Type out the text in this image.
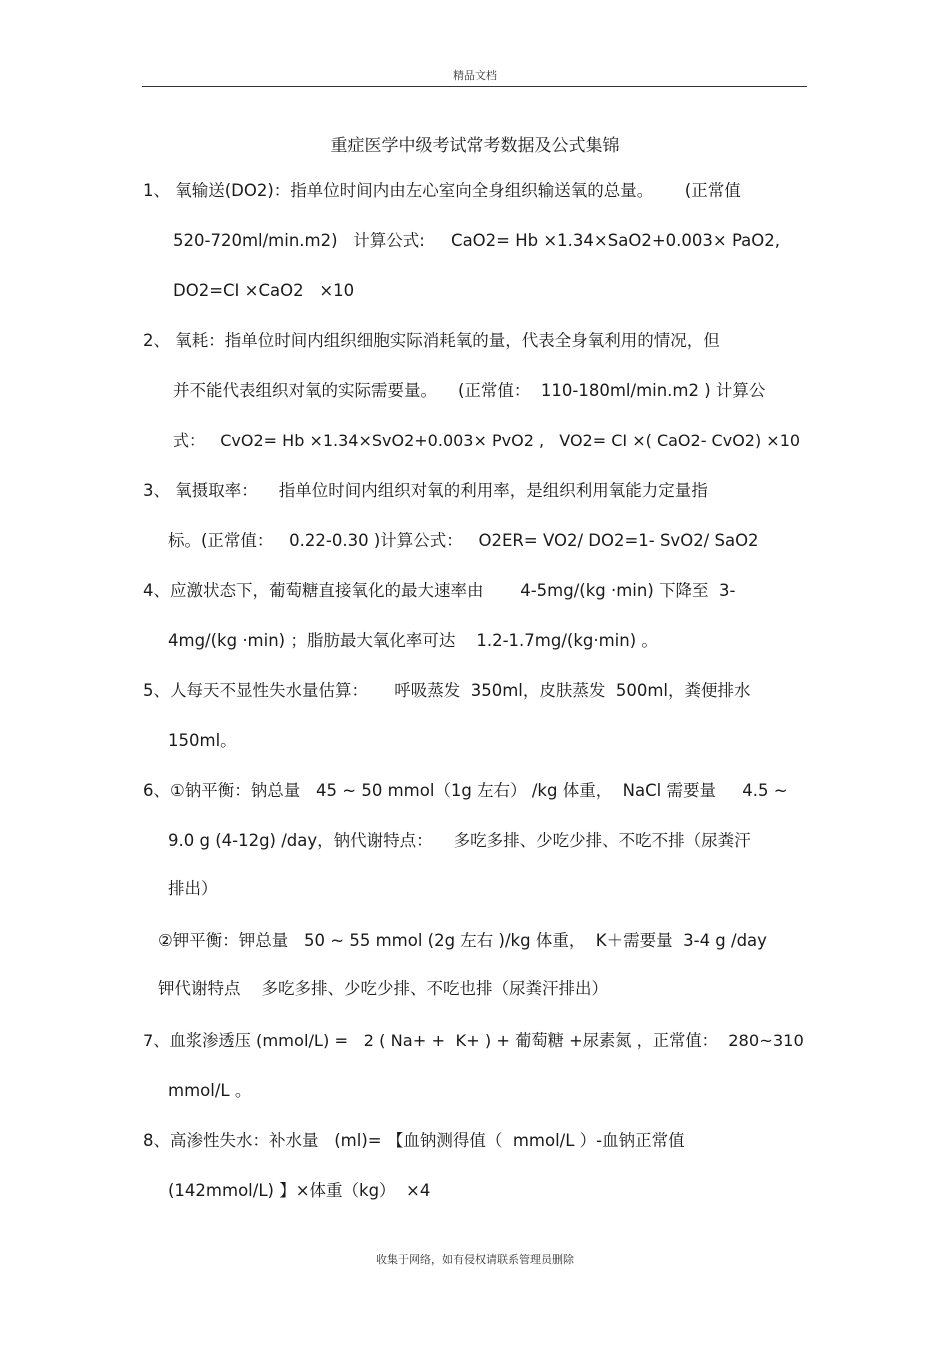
精品文档
重症医学中级考试常考数据及公式集锦
1、 氧输送(DO2)：指单位时间内由左心室向全身组织输送氧的总量。      (正常值
520-720ml/min.m2)   计算公式:     CaO2= Hb ×1.34×SaO2+0.003× PaO2,
DO2=CI ×CaO2   ×10
2、 氧耗：指单位时间内组织细胞实际消耗氧的量，代表全身氧利用的情况，但
并不能代表组织对氧的实际需要量。    (正常值：  110-180ml/min.m2 ) 计算公
式：   CvO2= Hb ×1.34×SvO2+0.003× PvO2 ,   VO2= CI ×( CaO2- CvO2) ×10
3、 氧摄取率：    指单位时间内组织对氧的利用率，是组织利用氧能力定量指
标。(正常值：   0.22-0.30 )计算公式：   O2ER= VO2/ DO2=1- SvO2/ SaO2
4、应激状态下，葡萄糖直接氧化的最大速率由       4-5mg/(kg ·min) 下降至  3-
4mg/(kg ·min) ；脂肪最大氧化率可达    1.2-1.7mg/(kg·min) 。
5、人每天不显性失水量估算：     呼吸蒸发  350ml，皮肤蒸发  500ml，粪便排水
150ml。
6、①钠平衡：钠总量   45 ~ 50 mmol（1g 左右） /kg 体重，  NaCl 需要量     4.5 ~
9.0 g (4-12g) /day，钠代谢特点：    多吃多排、少吃少排、不吃不排（尿粪汗
排出）
②钾平衡：钾总量   50 ~ 55 mmol (2g 左右 )/kg 体重，  K＋需要量  3-4 g /day
钾代谢特点    多吃多排、少吃少排、不吃也排（尿粪汗排出）
7、血浆渗透压 (mmol/L) =   2 ( Na+ +  K+ ) + 葡萄糖 +尿素氮 ，正常值：  280~310
mmol/L 。
8、高渗性失水：补水量   (ml)= 【血钠测得值（  mmol/L ）-血钠正常值
(142mmol/L) 】×体重（kg）  ×4
收集于网络，如有侵权请联系管理员删除
